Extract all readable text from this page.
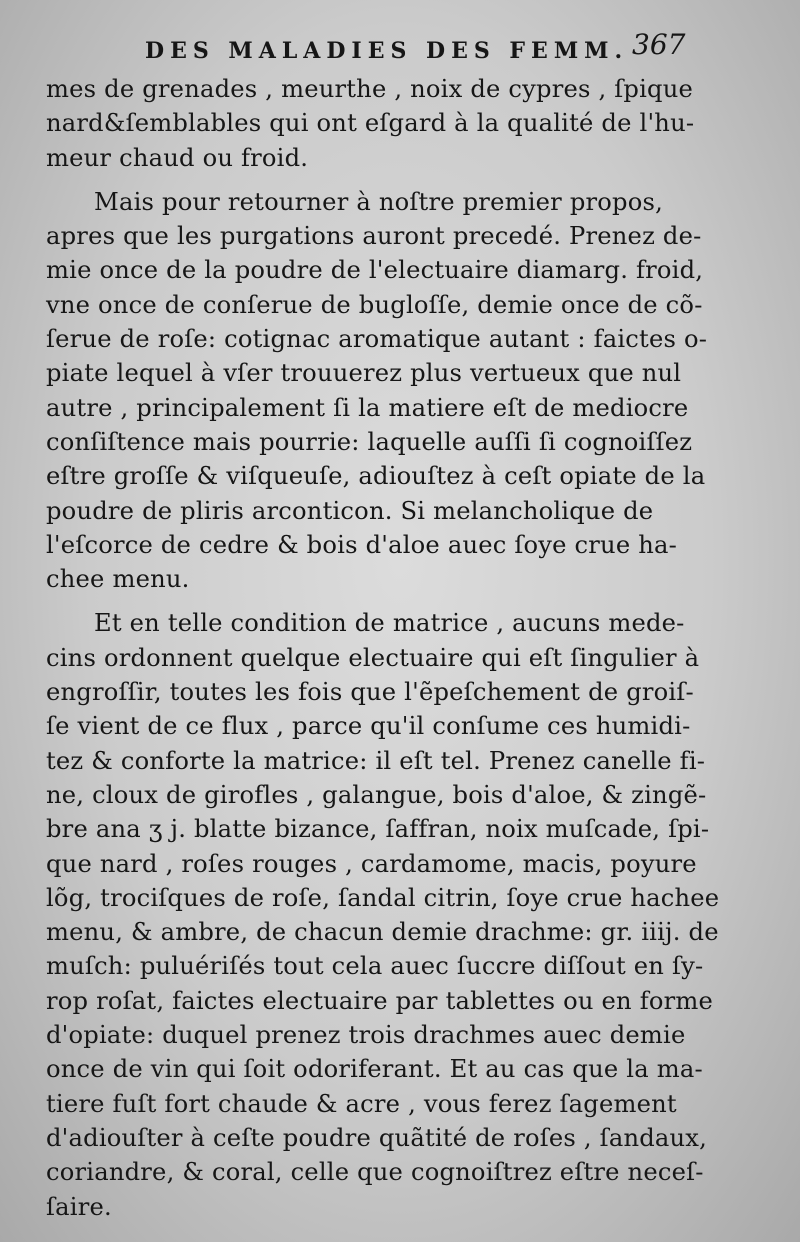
DES MALADIES DES FEMM. 367
mes de grenades , meurthe , noix de cypres , ſpique
nard&ſemblables qui ont eſgard à la qualité de l'hu-
meur chaud ou froid.
Mais pour retourner à noſtre premier propos,
apres que les purgations auront precedé. Prenez de-
mie once de la poudre de l'electuaire diamarg. froid,
vne once de conſerue de bugloſſe, demie once de cõ-
ſerue de roſe: cotignac aromatique autant : faictes o-
piate lequel à vſer trouuerez plus vertueux que nul
autre , principalement ſi la matiere eſt de mediocre
conſiſtence mais pourrie: laquelle auſſi ſi cognoiſſez
eſtre groſſe & viſqueuſe, adiouſtez à ceſt opiate de la
poudre de pliris arconticon. Si melancholique de
l'eſcorce de cedre & bois d'aloe auec ſoye crue ha-
chee menu.
Et en telle condition de matrice , aucuns mede-
cins ordonnent quelque electuaire qui eſt ſingulier à
engroſſir, toutes les fois que l'ẽpeſchement de groiſ-
ſe vient de ce flux , parce qu'il conſume ces humidi-
tez & conforte la matrice: il eſt tel. Prenez canelle fi-
ne, cloux de girofles , galangue, bois d'aloe, & zingẽ-
bre ana ʒ j. blatte bizance, ſaffran, noix muſcade, ſpi-
que nard , roſes rouges , cardamome, macis, poyure
lõg, trociſques de roſe, ſandal citrin, ſoye crue hachee
menu, & ambre, de chacun demie drachme: gr. iiij. de
muſch: puluériſés tout cela auec ſuccre diſſout en ſy-
rop roſat, faictes electuaire par tablettes ou en forme
d'opiate: duquel prenez trois drachmes auec demie
once de vin qui ſoit odoriferant. Et au cas que la ma-
tiere fuſt fort chaude & acre , vous ferez ſagement
d'adiouſter à ceſte poudre quãtité de roſes , ſandaux,
coriandre, & coral, celle que cognoiſtrez eſtre neceſ-
ſaire.
